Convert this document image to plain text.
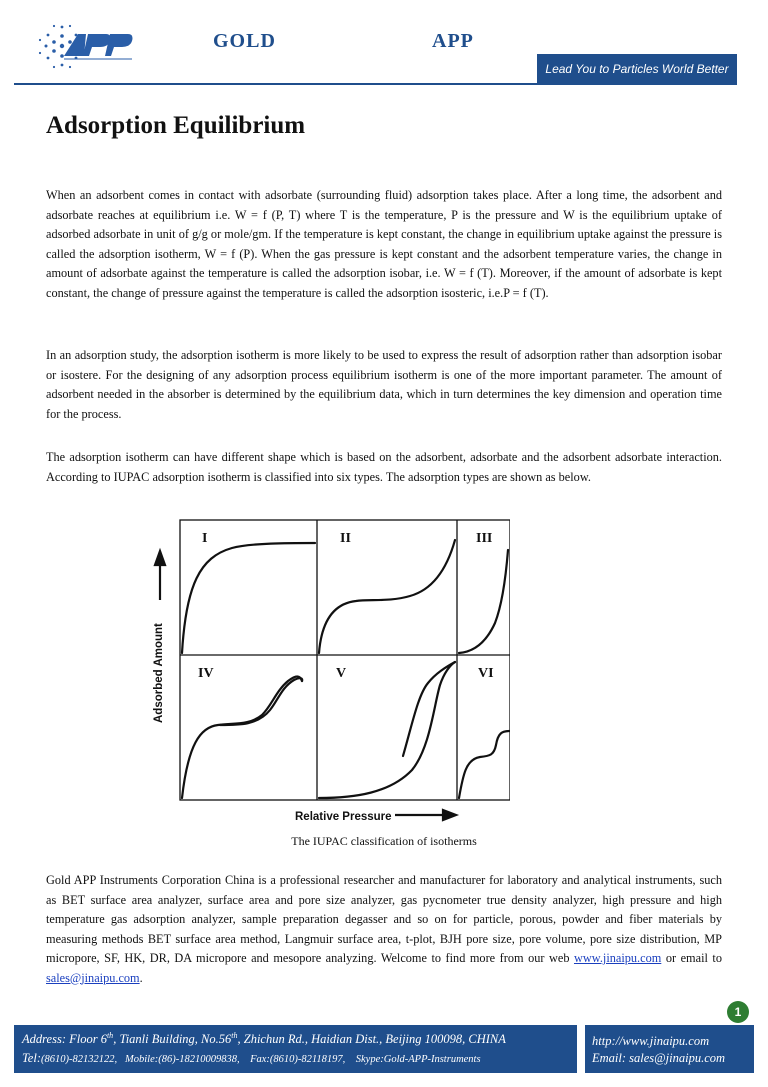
GOLD	APP
Lead You to Particles World Better
Adsorption Equilibrium

When an adsorbent comes in contact with adsorbate (surrounding fluid) adsorption takes place. After a long time, the adsorbent and adsorbate reaches at equilibrium i.e. W = f (P, T) where T is the temperature, P is the pressure and W is the equilibrium uptake of adsorbed adsorbate in unit of g/g or mole/gm. If the temperature is kept constant, the change in equilibrium uptake against the pressure is called the adsorption isotherm, W = f (P). When the gas pressure is kept constant and the adsorbent temperature varies, the change in amount of adsorbate against the temperature is called the adsorption isobar, i.e. W = f (T). Moreover, if the amount of adsorbate is kept constant, the change of pressure against the temperature is called the adsorption isosteric, i.e.P = f (T).

In an adsorption study, the adsorption isotherm is more likely to be used to express the result of adsorption rather than adsorption isobar or isostere. For the designing of any adsorption process equilibrium isotherm is one of the more important parameter. The amount of adsorbent needed in the absorber is determined by the equilibrium data, which in turn determines the key dimension and operation time for the process.

The adsorption isotherm can have different shape which is based on the adsorbent, adsorbate and the adsorbent adsorbate interaction. According to IUPAC adsorption isotherm is classified into six types. The adsorption types are shown as below.

I	II	III
IV	V	VI
Adsorbed Amount
Relative Pressure
The IUPAC classification of isotherms

Gold APP Instruments Corporation China is a professional researcher and manufacturer for laboratory and analytical instruments, such as BET surface area analyzer, surface area and pore size analyzer, gas pycnometer true density analyzer, high pressure and high temperature gas adsorption analyzer, sample preparation degasser and so on for particle, porous, powder and fiber materials by measuring methods BET surface area method, Langmuir surface area, t-plot, BJH pore size, pore volume, pore size distribution, MP micropore, SF, HK, DR, DA micropore and mesopore analyzing. Welcome to find more from our web www.jinaipu.com or email to sales@jinaipu.com.

1
Address: Floor 6th, Tianli Building, No.56th, Zhichun Rd., Haidian Dist., Beijing 100098, CHINA
Tel:(8610)-82132122, Mobile:(86)-18210009838, Fax:(8610)-82118197, Skype:Gold-APP-Instruments
http://www.jinaipu.com
Email: sales@jinaipu.com
